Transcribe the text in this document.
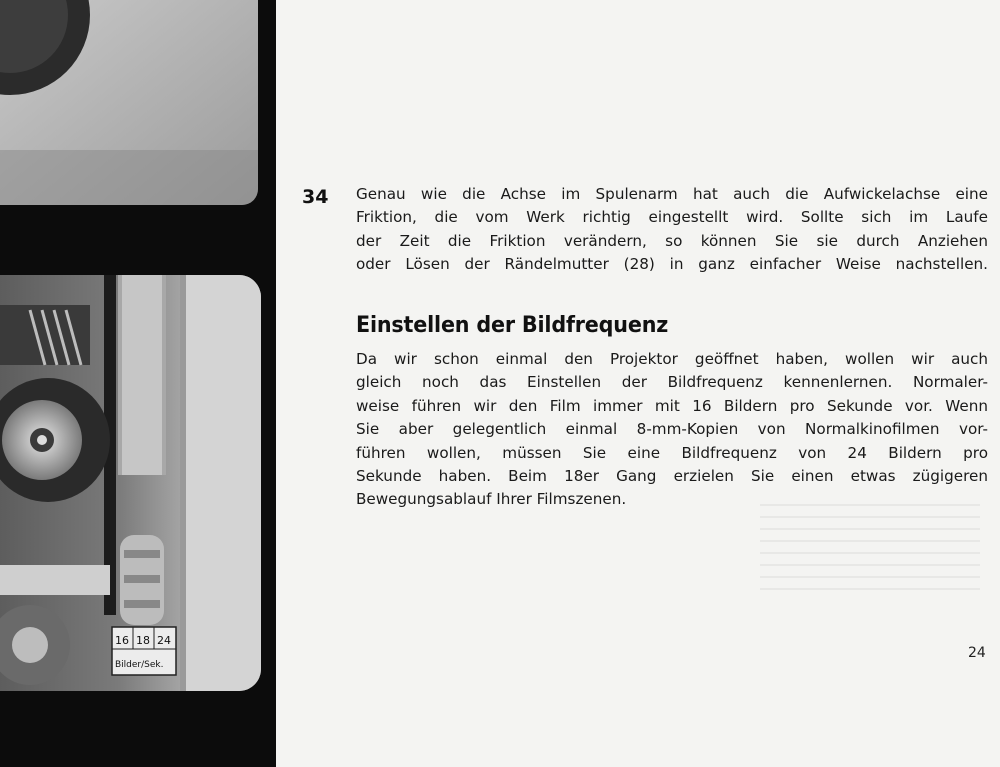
16 18 24
Bilder/Sek.
34 Genau wie die Achse im Spulenarm hat auch die Aufwickelachse eine
Friktion, die vom Werk richtig eingestellt wird. Sollte sich im Laufe
der Zeit die Friktion verändern, so können Sie sie durch Anziehen
oder Lösen der Rändelmutter (28) in ganz einfacher Weise nachstellen.
Einstellen der Bildfrequenz
Da wir schon einmal den Projektor geöffnet haben, wollen wir auch
gleich noch das Einstellen der Bildfrequenz kennenlernen. Normaler-
weise führen wir den Film immer mit 16 Bildern pro Sekunde vor. Wenn
Sie aber gelegentlich einmal 8-mm-Kopien von Normalkinofilmen vor-
führen wollen, müssen Sie eine Bildfrequenz von 24 Bildern pro
Sekunde haben. Beim 18er Gang erzielen Sie einen etwas zügigeren
Bewegungsablauf Ihrer Filmszenen.
24
